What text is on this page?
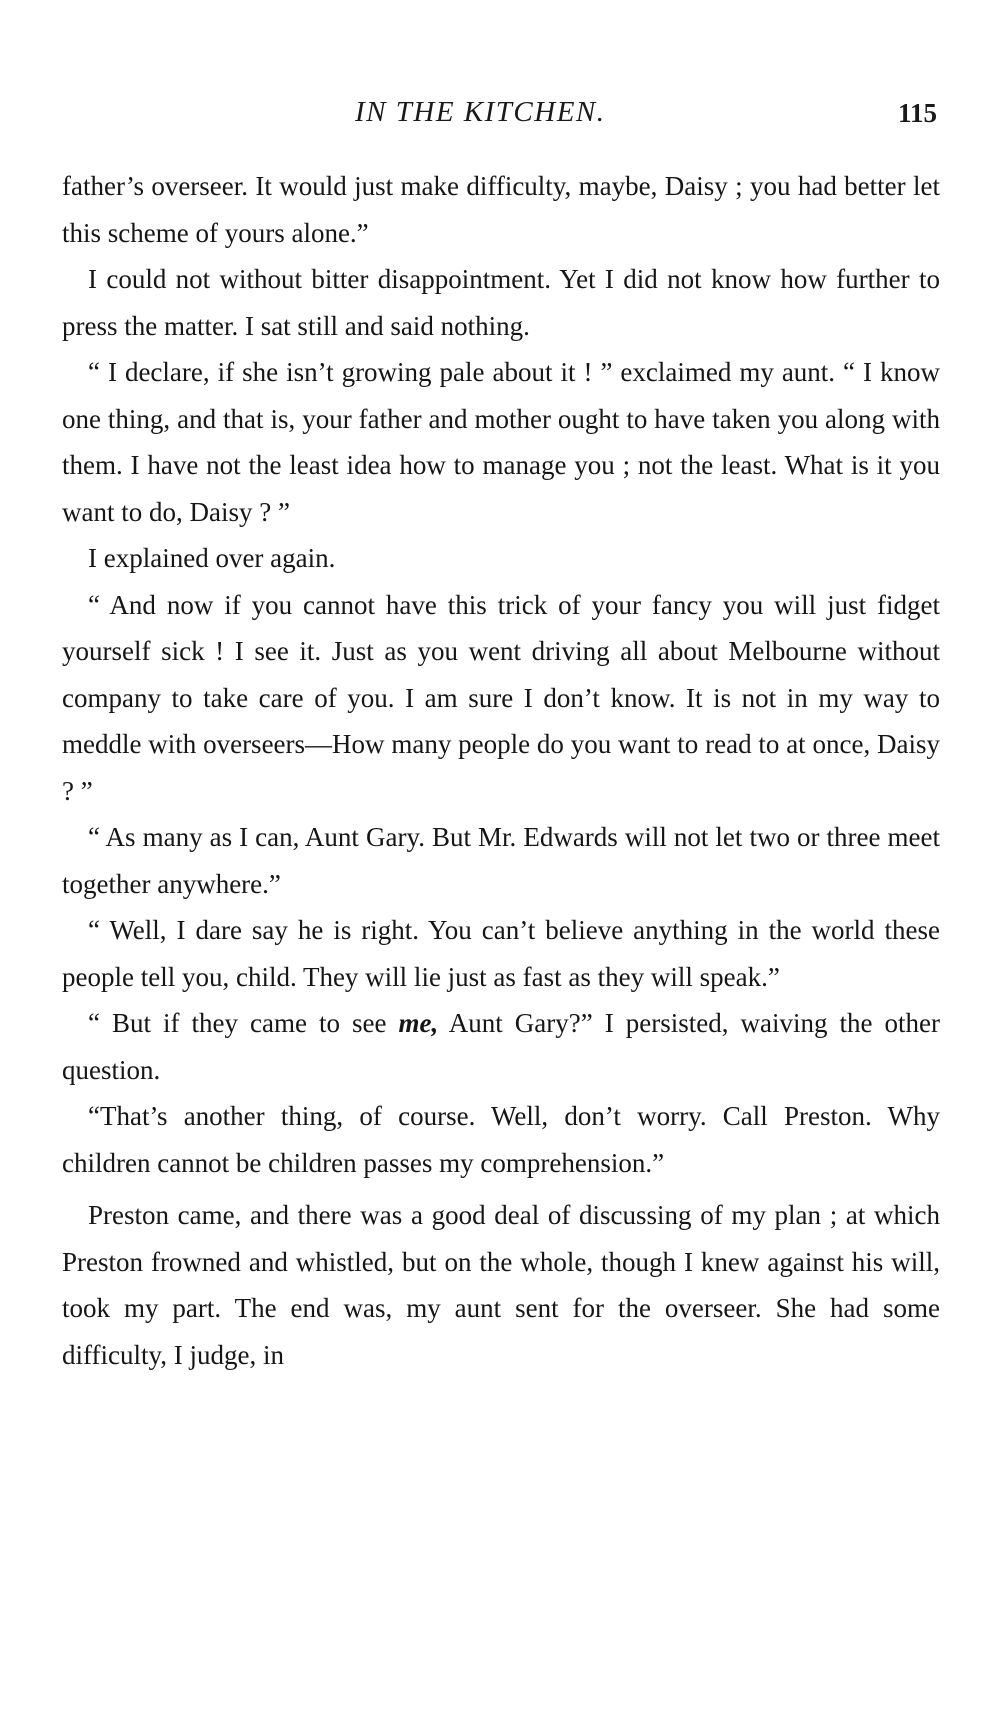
IN THE KITCHEN.	115

father’s overseer. It would just make difficulty, maybe, Daisy ; you had better let this scheme of yours alone.”

I could not without bitter disappointment. Yet I did not know how further to press the matter. I sat still and said nothing.

“ I declare, if she isn’t growing pale about it ! ” exclaimed my aunt. “ I know one thing, and that is, your father and mother ought to have taken you along with them. I have not the least idea how to manage you ; not the least. What is it you want to do, Daisy ? ”

I explained over again.

“ And now if you cannot have this trick of your fancy you will just fidget yourself sick ! I see it. Just as you went driving all about Melbourne without company to take care of you. I am sure I don’t know. It is not in my way to meddle with overseers—How many people do you want to read to at once, Daisy ? ”

“ As many as I can, Aunt Gary. But Mr. Edwards will not let two or three meet together anywhere.”

“ Well, I dare say he is right. You can’t believe anything in the world these people tell you, child. They will lie just as fast as they will speak.”

“ But if they came to see me, Aunt Gary?” I persisted, waiving the other question.

“That’s another thing, of course. Well, don’t worry. Call Preston. Why children cannot be children passes my comprehension.”

Preston came, and there was a good deal of discussing of my plan ; at which Preston frowned and whistled, but on the whole, though I knew against his will, took my part. The end was, my aunt sent for the overseer. She had some difficulty, I judge, in
